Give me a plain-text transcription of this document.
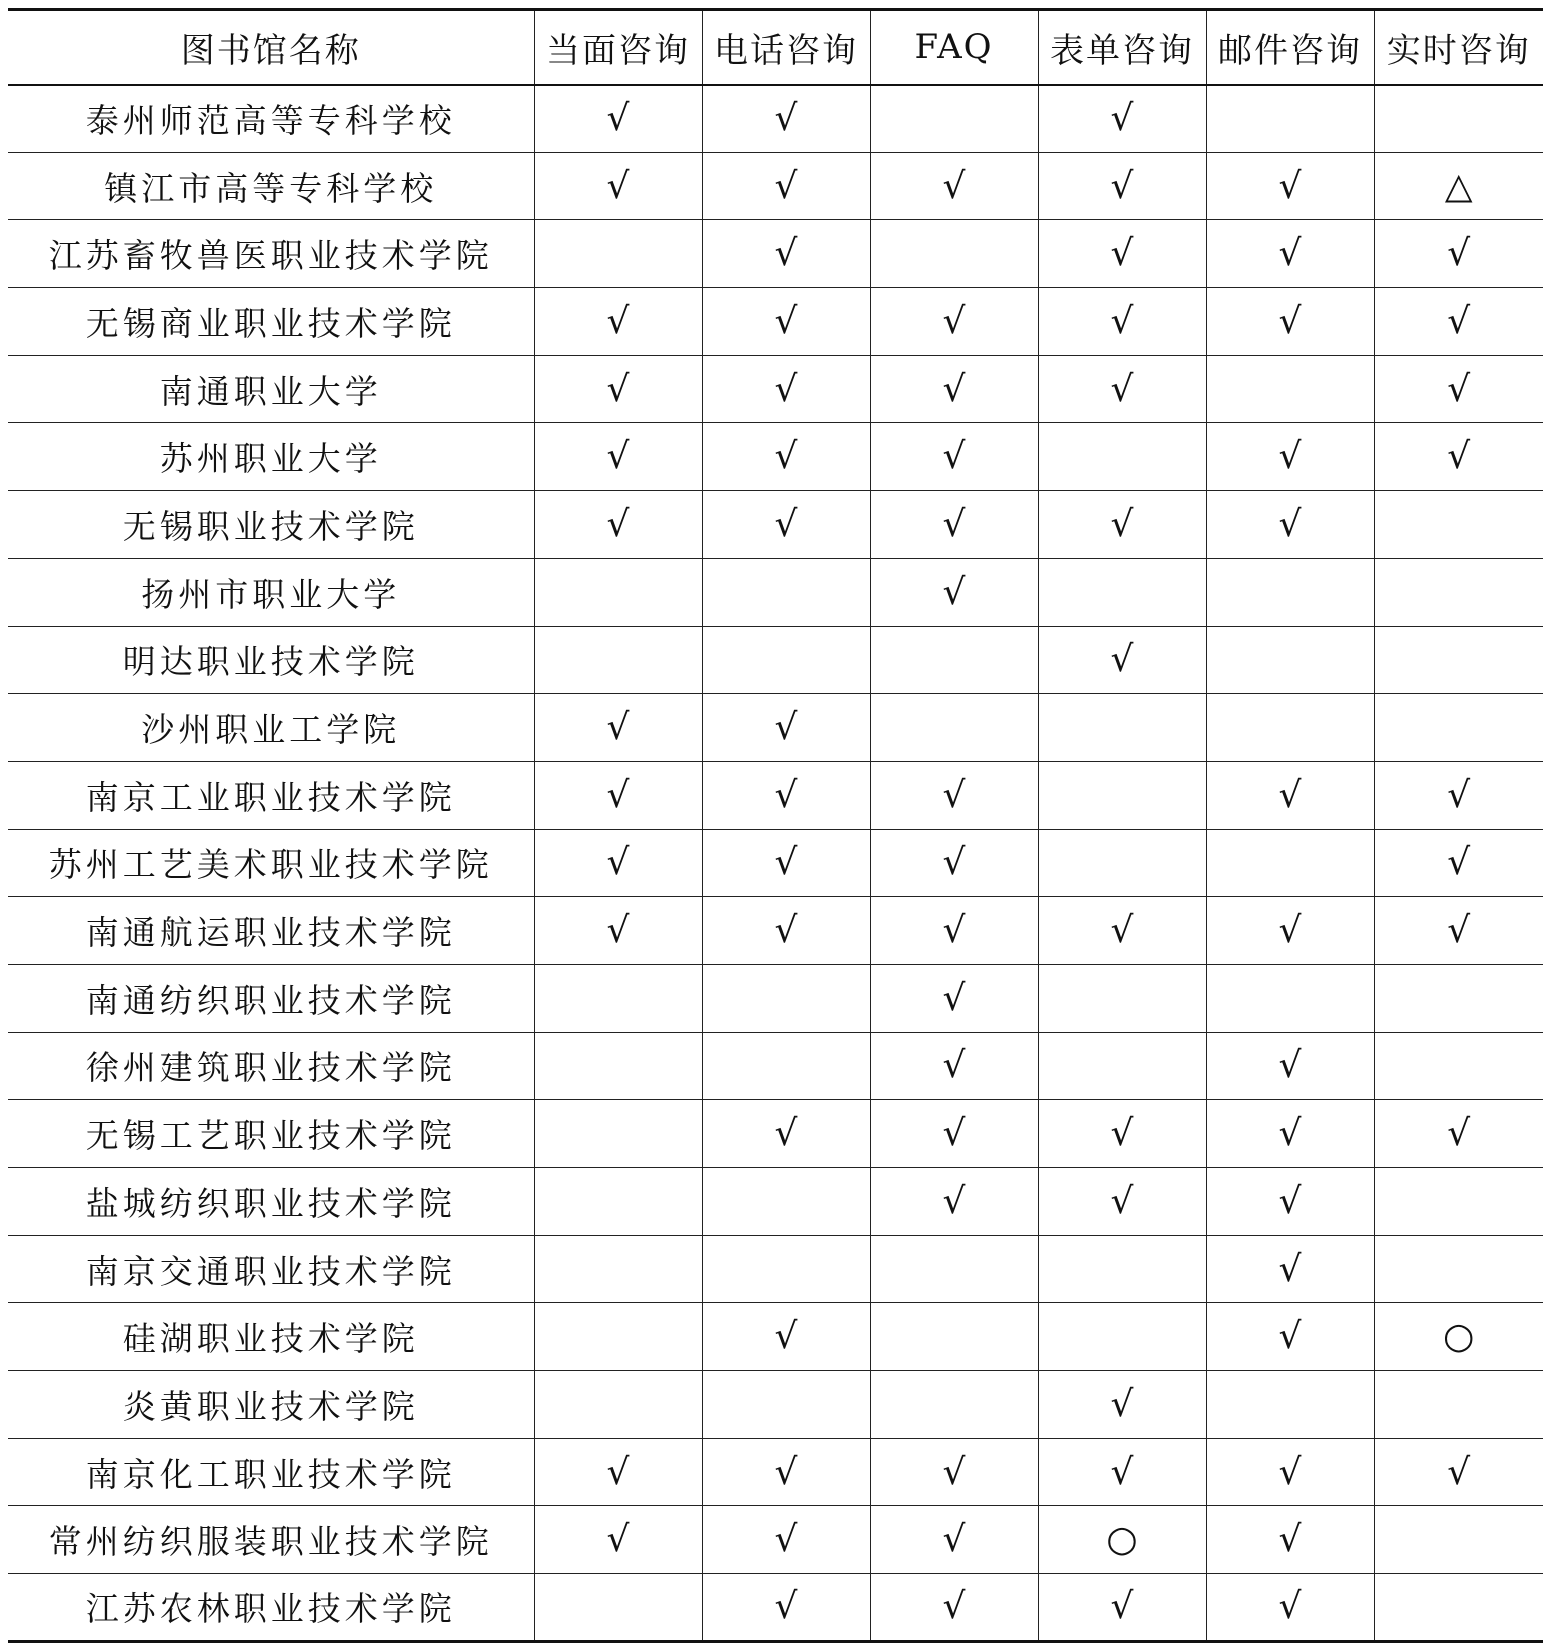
图书馆名称	当面咨询	电话咨询	FAQ	表单咨询	邮件咨询	实时咨询
泰州师范高等专科学校	√	√		√		
镇江市高等专科学校	√	√	√	√	√	△
江苏畜牧兽医职业技术学院		√		√	√	√
无锡商业职业技术学院	√	√	√	√	√	√
南通职业大学	√	√	√	√		√
苏州职业大学	√	√	√		√	√
无锡职业技术学院	√	√	√	√	√	
扬州市职业大学			√			
明达职业技术学院				√		
沙州职业工学院	√	√				
南京工业职业技术学院	√	√	√		√	√
苏州工艺美术职业技术学院	√	√	√			√
南通航运职业技术学院	√	√	√	√	√	√
南通纺织职业技术学院			√			
徐州建筑职业技术学院			√		√	
无锡工艺职业技术学院		√	√	√	√	√
盐城纺织职业技术学院			√	√	√	
南京交通职业技术学院					√	
硅湖职业技术学院		√			√	○
炎黄职业技术学院				√		
南京化工职业技术学院	√	√	√	√	√	√
常州纺织服装职业技术学院	√	√	√	○	√	
江苏农林职业技术学院		√	√	√	√	
